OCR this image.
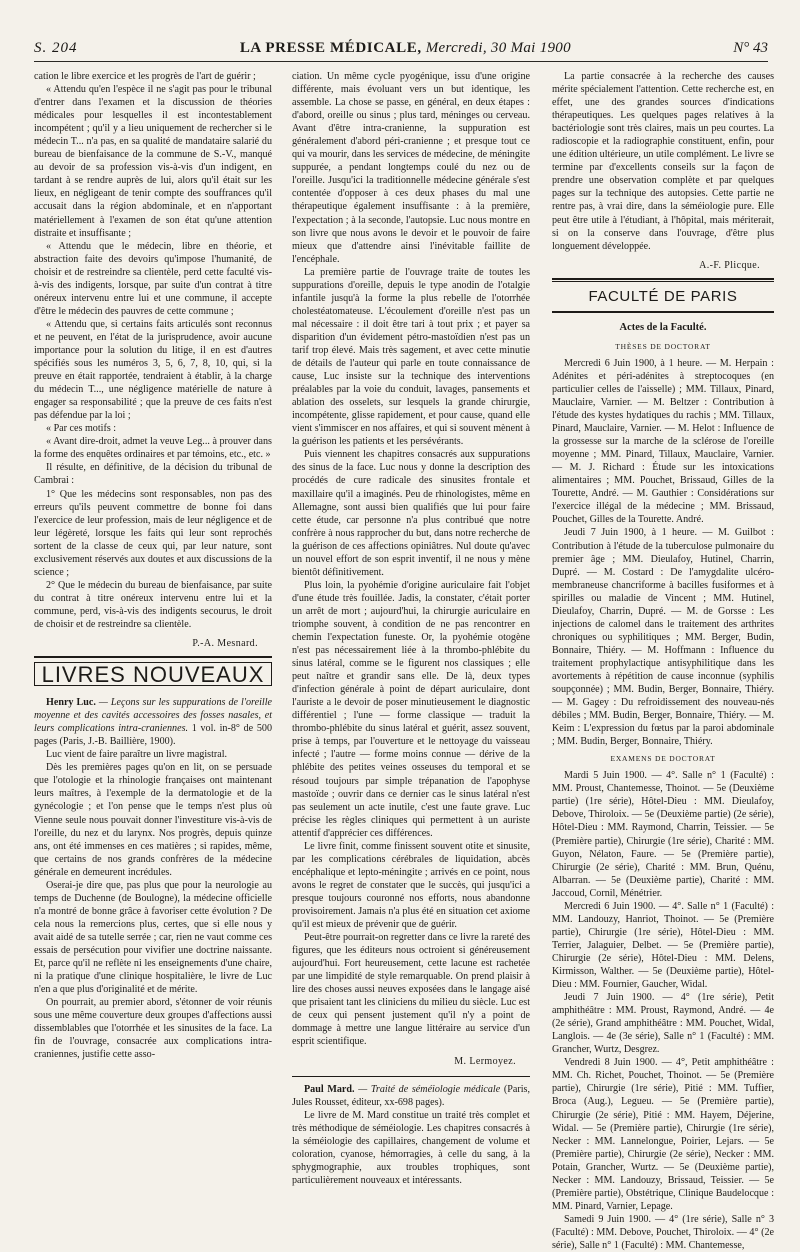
S. 204	LA PRESSE MÉDICALE, Mercredi, 30 Mai 1900	N° 43

cation le libre exercice et les progrès de l'art de guérir ;

« Attendu qu'en l'espèce il ne s'agit pas pour le tribunal d'entrer dans l'examen et la discussion de théories médicales pour lesquelles il est incontestablement incompétent ; qu'il y a lieu uniquement de rechercher si le médecin T... n'a pas, en sa qualité de mandataire salarié du bureau de bienfaisance de la commune de S.-V., manqué au devoir de sa profession vis-à-vis d'un indigent, en tardant à se rendre auprès de lui, alors qu'il était sur les lieux, en négligeant de tenir compte des souffrances qu'il accusait dans la région abdominale, et en n'apportant matériellement à l'examen de son état qu'une attention distraite et insuffisante ;

« Attendu que le médecin, libre en théorie, et abstraction faite des devoirs qu'impose l'humanité, de choisir et de restreindre sa clientèle, perd cette faculté vis-à-vis des indigents, lorsque, par suite d'un contrat à titre onéreux intervenu entre lui et une commune, il accepte d'être le médecin des pauvres de cette commune ;

« Attendu que, si certains faits articulés sont reconnus et ne peuvent, en l'état de la jurisprudence, avoir aucune importance pour la solution du litige, il en est d'autres spécifiés sous les numéros 3, 5, 6, 7, 8, 10, qui, si la preuve en était rapportée, tendraient à établir, à la charge du médecin T..., une négligence matérielle de nature à engager sa responsabilité ; que la preuve de ces faits n'est pas défendue par la loi ;

« Par ces motifs :

« Avant dire-droit, admet la veuve Leg... à prouver dans la forme des enquêtes ordinaires et par témoins, etc., etc. »

Il résulte, en définitive, de la décision du tribunal de Cambrai :

1° Que les médecins sont responsables, non pas des erreurs qu'ils peuvent commettre de bonne foi dans l'exercice de leur profession, mais de leur négligence et de leur légèreté, lorsque les faits qui leur sont reprochés sortent de la classe de ceux qui, par leur nature, sont exclusivement réservés aux doutes et aux discussions de la science ;

2° Que le médecin du bureau de bienfaisance, par suite du contrat à titre onéreux intervenu entre lui et la commune, perd, vis-à-vis des indigents secourus, le droit de choisir et de restreindre sa clientèle.

P.-A. Mesnard.
LIVRES NOUVEAUX

Henry Luc. — Leçons sur les suppurations de l'oreille moyenne et des cavités accessoires des fosses nasales, et leurs complications intra-craniennes. 1 vol. in-8° de 500 pages (Paris, J.-B. Baillière, 1900).

Luc vient de faire paraître un livre magistral.

Dès les premières pages qu'on en lit, on se persuade que l'otologie et la rhinologie françaises ont maintenant leurs maîtres, à l'exemple de la dermatologie et de la gynécologie ; et l'on pense que le temps n'est plus où Vienne seule nous pouvait donner l'investiture vis-à-vis de l'oreille, du nez et du larynx. Nos progrès, depuis quinze ans, ont été immenses en ces matières ; si rapides, même, que certains de nos grands confrères de la médecine générale en demeurent incrédules.

Oserai-je dire que, pas plus que pour la neurologie au temps de Duchenne (de Boulogne), la médecine officielle n'a montré de bonne grâce à favoriser cette évolution ? De cela nous la remercions plus, certes, que si elle nous y avait aidé de sa tutelle serrée ; car, rien ne vaut comme ces essais de persécution pour vivifier une doctrine naissante. Et, parce qu'il ne reflète ni les enseignements d'une chaire, ni la pratique d'une clinique hospitalière, le livre de Luc n'en a que plus d'originalité et de mérite.

On pourrait, au premier abord, s'étonner de voir réunis sous une même couverture deux groupes d'affections aussi dissemblables que l'otorrhée et les sinusites de la face. La fin de l'ouvrage, consacrée aux complications intra-craniennes, justifie cette asso-

ciation. Un même cycle pyogénique, issu d'une origine différente, mais évoluant vers un but identique, les assemble. La chose se passe, en général, en deux étapes : d'abord, oreille ou sinus ; plus tard, méninges ou cerveau. Avant d'être intra-cranienne, la suppuration est généralement d'abord péri-cranienne ; et presque tout ce qui va mourir, dans les services de médecine, de méningite suppurée, a pendant longtemps coulé du nez ou de l'oreille. Jusqu'ici la traditionnelle médecine générale s'est contentée d'opposer à ces deux phases du mal une thérapeutique également insuffisante : à la première, l'expectation ; à la seconde, l'autopsie. Luc nous montre en son livre que nous avons le devoir et le pouvoir de faire mieux que d'attendre ainsi l'inévitable faillite de l'encéphale.

La première partie de l'ouvrage traite de toutes les suppurations d'oreille, depuis le type anodin de l'otalgie infantile jusqu'à la forme la plus rebelle de l'otorrhée cholestéatomateuse. L'écoulement d'oreille n'est pas un mal nécessaire : il doit être tari à tout prix ; et payer sa disparition d'un évidement pétro-mastoïdien n'est pas un tarif trop élevé. Mais très sagement, et avec cette minutie de détails de l'auteur qui parle en toute connaissance de cause, Luc insiste sur la technique des interventions préalables par la voie du conduit, lavages, pansements et ablation des osselets, sur lesquels la grande chirurgie, incompétente, glisse rapidement, et pour cause, quand elle vient s'immiscer en nos affaires, et qui si souvent mènent à la guérison les patients et les persévérants.

Puis viennent les chapitres consacrés aux suppurations des sinus de la face. Luc nous y donne la description des procédés de cure radicale des sinusites frontale et maxillaire qu'il a imaginés. Peu de rhinologistes, même en Allemagne, sont aussi bien qualifiés que lui pour faire cette étude, car personne n'a plus contribué que notre confrère à nous rapprocher du but, dans notre recherche de la guérison de ces affections opiniâtres. Nul doute qu'avec un nouvel effort de son esprit inventif, il ne nous y mène bientôt définitivement.

Plus loin, la pyohémie d'origine auriculaire fait l'objet d'une étude très fouillée. Jadis, la constater, c'était porter un arrêt de mort ; aujourd'hui, la chirurgie auriculaire en triomphe souvent, à condition de ne pas rencontrer en chemin l'expectation funeste. Or, la pyohémie otogène n'est pas nécessairement liée à la thrombo-phlébite du sinus latéral, comme se le figurent nos classiques ; elle peut naître et grandir sans elle. De là, deux types d'infection générale à point de départ auriculaire, dont l'auriste a le devoir de poser minutieusement le diagnostic différentiel ; l'une — forme classique — traduit la thrombo-phlébite du sinus latéral et guérit, assez souvent, prise à temps, par l'ouverture et le nettoyage du vaisseau infecté ; l'autre — forme moins connue — dérive de la phlébite des petites veines osseuses du temporal et se résoud toujours par simple trépanation de l'apophyse mastoïde ; ouvrir dans ce dernier cas le sinus latéral n'est pas seulement un acte inutile, c'est une faute grave. Luc précise les règles cliniques qui permettent à un auriste attentif d'apprécier ces différences.

Le livre finit, comme finissent souvent otite et sinusite, par les complications cérébrales de liquidation, abcès encéphalique et lepto-méningite ; arrivés en ce point, nous avons le regret de constater que le succès, qui jusqu'ici a presque toujours couronné nos efforts, nous abandonne provisoirement. Jamais n'a plus été en situation cet axiome qu'il est mieux de prévenir que de guérir.

Peut-être pourrait-on regretter dans ce livre la rareté des figures, que les éditeurs nous octroient si généreusement aujourd'hui. Fort heureusement, cette lacune est rachetée par une limpidité de style remarquable. On prend plaisir à lire des choses aussi neuves exposées dans le langage aisé que prisaient tant les cliniciens du milieu du siècle. Luc est de ceux qui pensent justement qu'il n'y a point de dommage à mettre une langue littéraire au service d'un esprit scientifique.

M. Lermoyez.

Paul Mard. — Traité de séméiologie médicale (Paris, Jules Rousset, éditeur, xx-698 pages).

Le livre de M. Mard constitue un traité très complet et très méthodique de séméiologie. Les chapitres consacrés à la séméiologie des capillaires, changement de volume et coloration, cyanose, hémorragies, à celle du sang, à la sphygmographie, aux troubles trophiques, sont particulièrement nouveaux et intéressants.

La partie consacrée à la recherche des causes mérite spécialement l'attention. Cette recherche est, en effet, une des grandes sources d'indications thérapeutiques. Les quelques pages relatives à la bactériologie sont très claires, mais un peu courtes. La radioscopie et la radiographie constituent, enfin, pour une édition ultérieure, un utile complément. Le livre se termine par d'excellents conseils sur la façon de prendre une observation complète et par quelques pages sur la technique des autopsies. Cette partie ne rentre pas, à vrai dire, dans la séméiologie pure. Elle peut être utile à l'étudiant, à l'hôpital, mais mériterait, si on la conserve dans l'ouvrage, d'être plus longuement développée.

A.-F. Plicque.
FACULTÉ DE PARIS
Actes de la Faculté.
THÈSES DE DOCTORAT

Mercredi 6 Juin 1900, à 1 heure. — M. Herpain : Adénites et péri-adénites à streptocoques (en particulier celles de l'aisselle) ; MM. Tillaux, Pinard, Mauclaire, Varnier. — M. Beltzer : Contribution à l'étude des kystes hydatiques du rachis ; MM. Tillaux, Pinard, Mauclaire, Varnier. — M. Helot : Influence de la grossesse sur la marche de la sclérose de l'oreille moyenne ; MM. Pinard, Tillaux, Mauclaire, Varnier. — M. J. Richard : Étude sur les intoxications alimentaires ; MM. Pouchet, Brissaud, Gilles de la Tourette, André. — M. Gauthier : Considérations sur l'exercice illégal de la médecine ; MM. Brissaud, Pouchet, Gilles de la Tourette. André.

Jeudi 7 Juin 1900, à 1 heure. — M. Guilbot : Contribution à l'étude de la tuberculose pulmonaire du premier âge ; MM. Dieulafoy, Hutinel, Charrin, Dupré. — M. Costard : De l'amygdalite ulcéro-membraneuse chancriforme à bacilles fusiformes et à spirilles ou maladie de Vincent ; MM. Hutinel, Dieulafoy, Charrin, Dupré. — M. de Gorsse : Les injections de calomel dans le traitement des arthrites chroniques ou syphilitiques ; MM. Berger, Budin, Bonnaire, Thiéry. — M. Hoffmann : Influence du traitement prophylactique antisyphilitique dans les avortements à répétition de cause inconnue (syphilis soupçonnée) ; MM. Budin, Berger, Bonnaire, Thiéry. — M. Gagey : Du refroidissement des nouveau-nés débiles ; MM. Budin, Berger, Bonnaire, Thiéry. — M. Keim : L'expression du fœtus par la paroi abdominale ; MM. Budin, Berger, Bonnaire, Thiéry.

EXAMENS DE DOCTORAT

Mardi 5 Juin 1900. — 4°. Salle n° 1 (Faculté) : MM. Proust, Chantemesse, Thoinot. — 5e (Deuxième partie) (1re série), Hôtel-Dieu : MM. Dieulafoy, Debove, Thiroloix. — 5e (Deuxième partie) (2e série), Hôtel-Dieu : MM. Raymond, Charrin, Teissier. — 5e (Première partie), Chirurgie (1re série), Charité : MM. Guyon, Nélaton, Faure. — 5e (Première partie), Chirurgie (2e série), Charité : MM. Brun, Quénu, Albarran. — 5e (Deuxième partie), Charité : MM. Jaccoud, Cornil, Ménétrier.

Mercredi 6 Juin 1900. — 4°. Salle n° 1 (Faculté) : MM. Landouzy, Hanriot, Thoinot. — 5e (Première partie), Chirurgie (1re série), Hôtel-Dieu : MM. Terrier, Jalaguier, Delbet. — 5e (Première partie), Chirurgie (2e série), Hôtel-Dieu : MM. Delens, Kirmisson, Walther. — 5e (Deuxième partie), Hôtel-Dieu : MM. Fournier, Gaucher, Widal.

Jeudi 7 Juin 1900. — 4° (1re série), Petit amphithéâtre : MM. Proust, Raymond, André. — 4e (2e série), Grand amphithéâtre : MM. Pouchet, Widal, Langlois. — 4e (3e série), Salle n° 1 (Faculté) : MM. Grancher, Wurtz, Desgrez.

Vendredi 8 Juin 1900. — 4°, Petit amphithéâtre : MM. Ch. Richet, Pouchet, Thoinot. — 5e (Première partie), Chirurgie (1re série), Pitié : MM. Tuffier, Broca (Aug.), Legueu. — 5e (Première partie), Chirurgie (2e série), Pitié : MM. Hayem, Déjerine, Widal. — 5e (Première partie), Chirurgie (1re série), Necker : MM. Lannelongue, Poirier, Lejars. — 5e (Première partie), Chirurgie (2e série), Necker : MM. Potain, Grancher, Wurtz. — 5e (Deuxième partie), Necker : MM. Landouzy, Brissaud, Teissier. — 5e (Première partie), Obstétrique, Clinique Baudelocque : MM. Pinard, Varnier, Lepage.

Samedi 9 Juin 1900. — 4° (1re série), Salle n° 3 (Faculté) : MM. Debove, Pouchet, Thiroloix. — 4° (2e série), Salle n° 1 (Faculté) : MM. Chantemesse,
